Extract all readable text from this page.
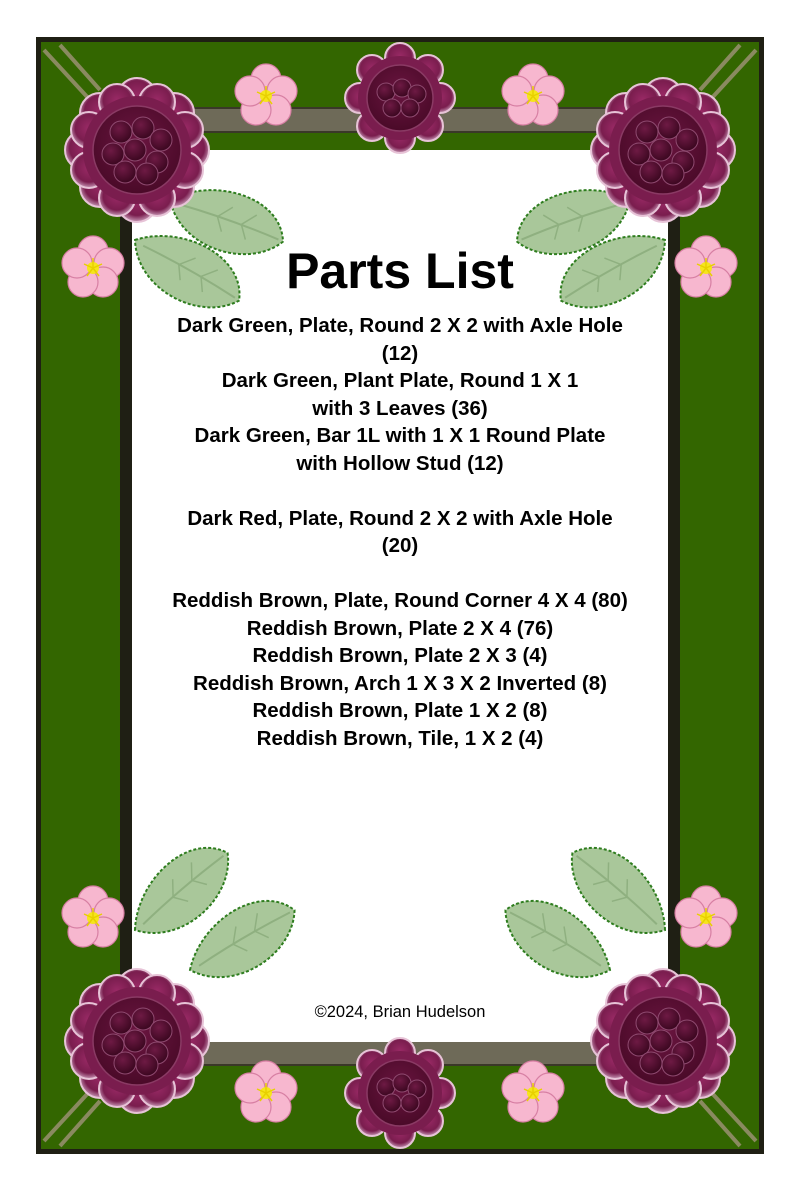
Parts List
Dark Green, Plate, Round 2 X 2 with Axle Hole
(12)
Dark Green, Plant Plate, Round 1 X 1
with 3 Leaves (36)
Dark Green, Bar 1L with 1 X 1 Round Plate
with Hollow Stud (12)
Dark Red, Plate, Round 2 X 2 with Axle Hole
(20)
Reddish Brown, Plate, Round Corner 4 X 4 (80)
Reddish Brown, Plate 2 X 4 (76)
Reddish Brown, Plate 2 X 3 (4)
Reddish Brown, Arch 1 X 3 X 2 Inverted (8)
Reddish Brown, Plate 1 X 2 (8)
Reddish Brown, Tile, 1 X 2 (4)
©2024, Brian Hudelson
